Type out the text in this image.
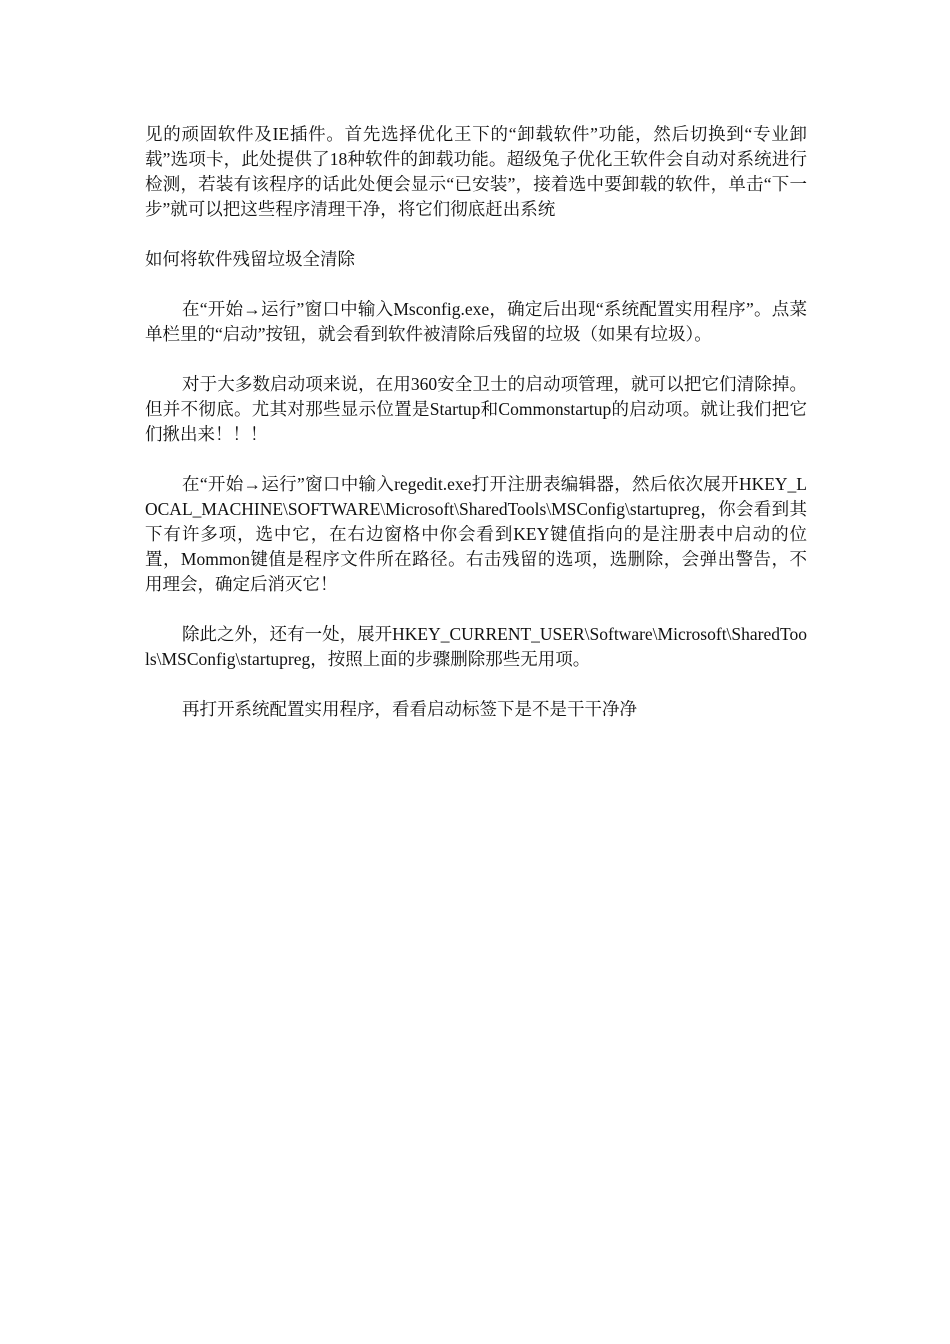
见的顽固软件及IE插件。首先选择优化王下的“卸载软件”功能，然后切换到“专业卸载”选项卡，此处提供了18种软件的卸载功能。超级兔子优化王软件会自动对系统进行检测，若装有该程序的话此处便会显示“已安装”，接着选中要卸载的软件，单击“下一步”就可以把这些程序清理干净，将它们彻底赶出系统

如何将软件残留垃圾全清除

在“开始→运行”窗口中输入Msconfig.exe，确定后出现“系统配置实用程序”。点菜单栏里的“启动”按钮，就会看到软件被清除后残留的垃圾（如果有垃圾）。

对于大多数启动项来说，在用360安全卫士的启动项管理，就可以把它们清除掉。但并不彻底。尤其对那些显示位置是Startup和Commonstartup的启动项。就让我们把它们揪出来！！！

在“开始→运行”窗口中输入regedit.exe打开注册表编辑器，然后依次展开HKEY_LOCAL_MACHINE\SOFTWARE\Microsoft\SharedTools\MSConfig\startupreg，你会看到其下有许多项，选中它，在右边窗格中你会看到KEY键值指向的是注册表中启动的位置，Mommon键值是程序文件所在路径。右击残留的选项，选删除，会弹出警告，不用理会，确定后消灭它！

除此之外，还有一处，展开HKEY_CURRENT_USER\Software\Microsoft\SharedTools\MSConfig\startupreg，按照上面的步骤删除那些无用项。

再打开系统配置实用程序，看看启动标签下是不是干干净净
